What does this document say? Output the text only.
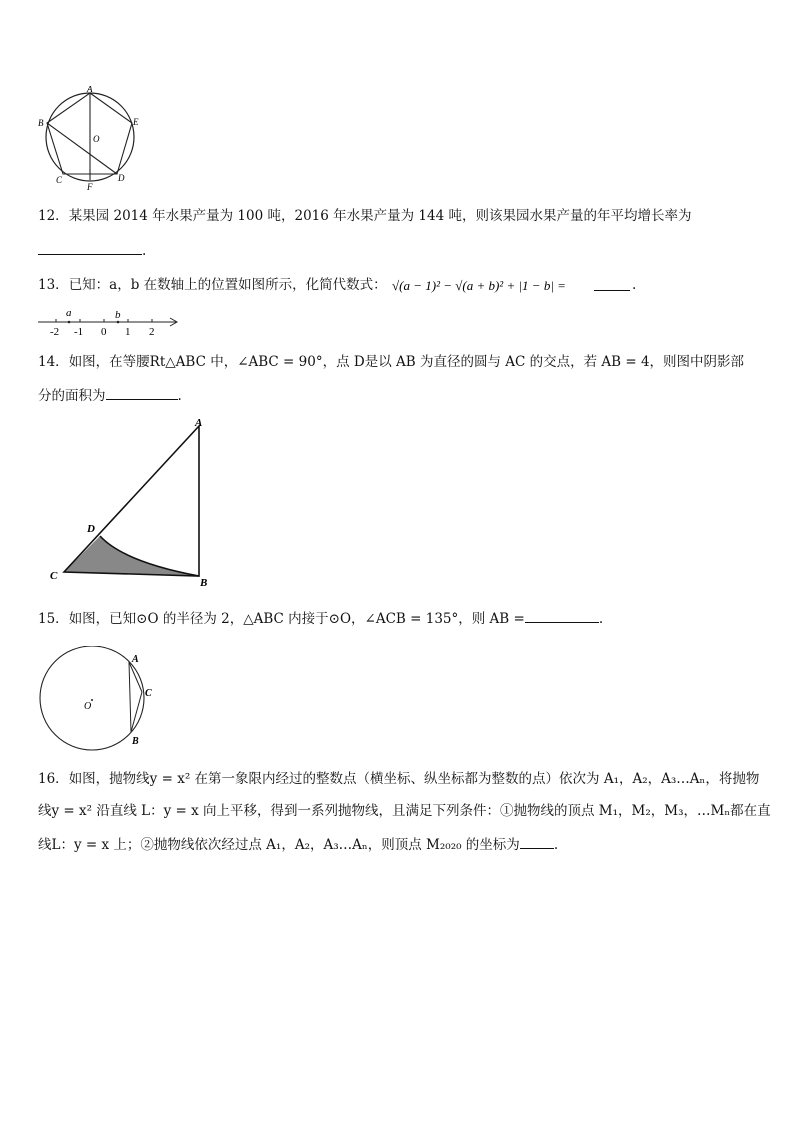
A
B
C	D
E
F
O
12．某果园 2014 年水果产量为 100 吨，2016 年水果产量为 144 吨，则该果园水果产量的年平均增长率为
.
13．已知：a，b 在数轴上的位置如图所示，化简代数式： √(a − 1)² − √(a + b)² + |1 − b| =	.
a	b
-2 -1 0 1 2
14．如图，在等腰Rt△ABC 中，∠ABC = 90°，点 D是以 AB 为直径的圆与 AC 的交点，若 AB = 4，则图中阴影部
分的面积为	.
A
B
C
D
15．如图，已知⊙O 的半径为 2，△ABC 内接于⊙O，∠ACB = 135°，则 AB =	.
A
B
C
O
16．如图，抛物线y = x² 在第一象限内经过的整数点（横坐标、纵坐标都为整数的点）依次为 A₁，A₂，A₃…Aₙ，将抛物
线y = x² 沿直线 L：y = x 向上平移，得到一系列抛物线，且满足下列条件：①抛物线的顶点 M₁，M₂，M₃，…Mₙ都在直
线L：y = x 上；②抛物线依次经过点 A₁，A₂，A₃…Aₙ，则顶点 M₂₀₂₀ 的坐标为	.
